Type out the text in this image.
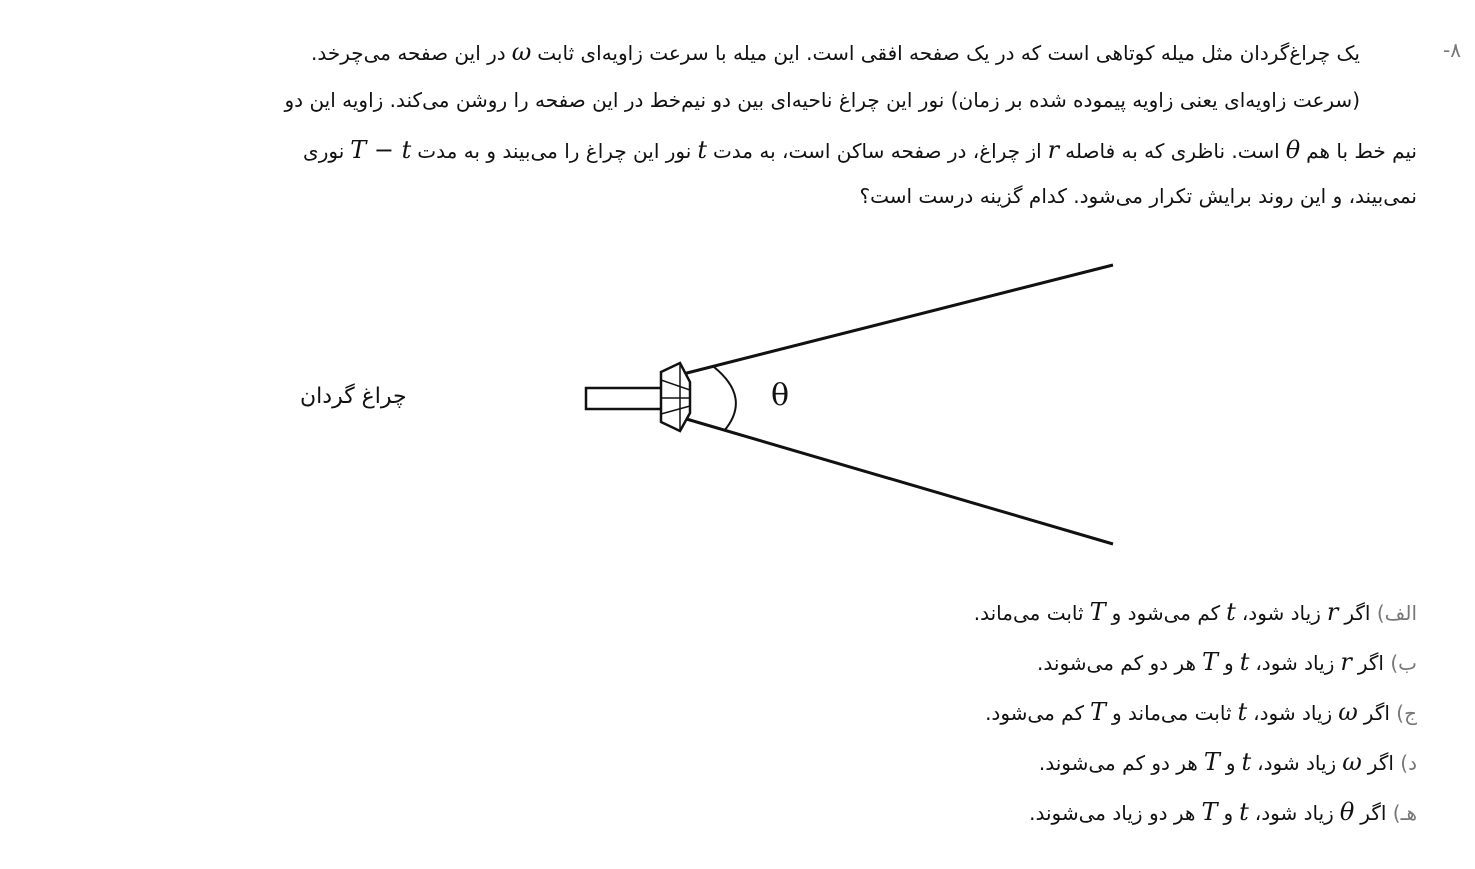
۸-
یک چراغ‌گردان مثل میله کوتاهی است که در یک صفحه افقی است. این میله با سرعت زاویه‌ای ثابتωدر این صفحه می‌چرخد.
(سرعت زاویه‌ای یعنی زاویه پیموده شده بر زمان) نور این چراغ ناحیه‌ای بین دو نیم‌خط در این صفحه را روشن می‌کند. زاویه این دو
نیم خط با همθاست. ناظری که به فاصلهrاز چراغ، در صفحه ساکن است، به مدتtنور این چراغ را می‌بیند و به مدتT − tنوری
نمی‌بیند، و این روند برایش تکرار می‌شود. کدام گزینه درست است؟
چراغ گردان	θ
الف) اگرrزیاد شود،tکم می‌شود وTثابت می‌ماند.
ب) اگرrزیاد شود،tوTهر دو کم می‌شوند.
ج) اگرωزیاد شود،tثابت می‌ماند وTکم می‌شود.
د) اگرωزیاد شود،tوTهر دو کم می‌شوند.
هـ) اگرθزیاد شود،tوTهر دو زیاد می‌شوند.
